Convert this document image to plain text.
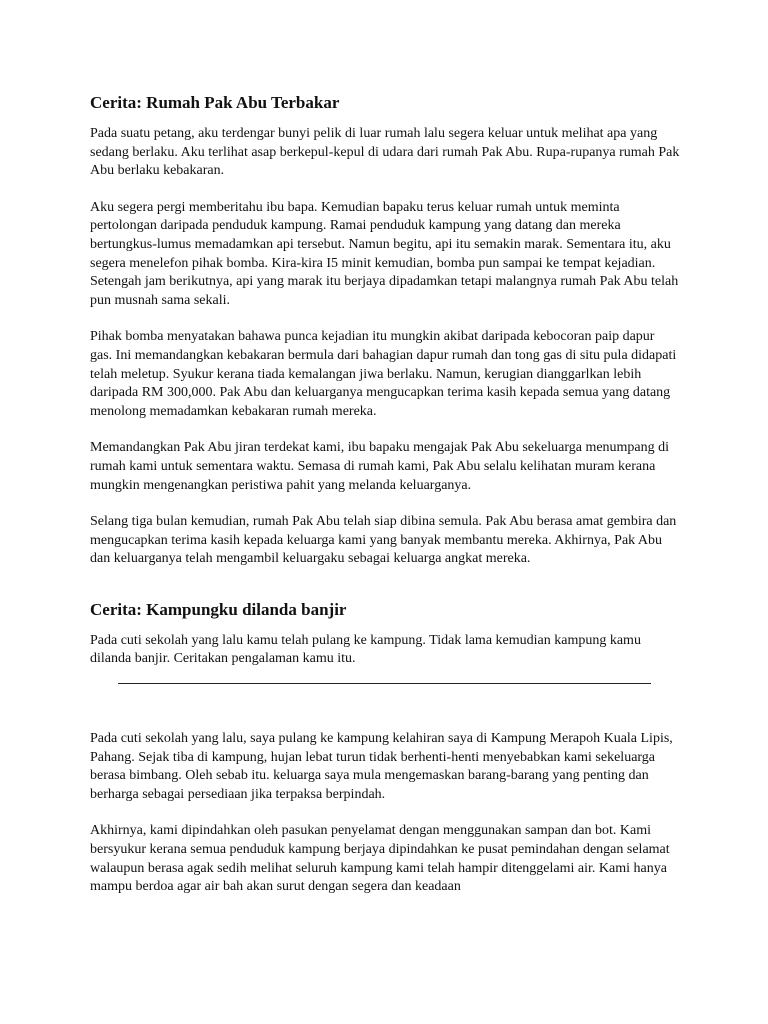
Cerita: Rumah Pak Abu Terbakar

Pada suatu petang, aku terdengar bunyi pelik di luar rumah lalu segera keluar untuk melihat apa yang sedang berlaku. Aku terlihat asap berkepul-kepul di udara dari rumah Pak Abu. Rupa-rupanya rumah Pak Abu berlaku kebakaran.

Aku segera pergi memberitahu ibu bapa. Kemudian bapaku terus keluar rumah untuk meminta pertolongan daripada penduduk kampung. Ramai penduduk kampung yang datang dan mereka bertungkus-lumus memadamkan api tersebut. Namun begitu, api itu semakin marak. Sementara itu, aku segera menelefon pihak bomba. Kira-kira I5 minit kemudian, bomba pun sampai ke tempat kejadian. Setengah jam berikutnya, api yang marak itu berjaya dipadamkan tetapi malangnya rumah Pak Abu telah pun musnah sama sekali.

Pihak bomba menyatakan bahawa punca kejadian itu mungkin akibat daripada kebocoran paip dapur gas. Ini memandangkan kebakaran bermula dari bahagian dapur rumah dan tong gas di situ pula didapati telah meletup. Syukur kerana tiada kemalangan jiwa berlaku. Namun, kerugian dianggarlkan lebih daripada RM 300,000. Pak Abu dan keluarganya mengucapkan terima kasih kepada semua yang datang menolong memadamkan kebakaran rumah mereka.

Memandangkan Pak Abu jiran terdekat kami, ibu bapaku mengajak Pak Abu sekeluarga menumpang di rumah kami untuk sementara waktu. Semasa di rumah kami, Pak Abu selalu kelihatan muram kerana mungkin mengenangkan peristiwa pahit yang melanda keluarganya.

Selang tiga bulan kemudian, rumah Pak Abu telah siap dibina semula. Pak Abu berasa amat gembira dan mengucapkan terima kasih kepada keluarga kami yang banyak membantu mereka. Akhirnya, Pak Abu dan keluarganya telah mengambil keluargaku sebagai keluarga angkat mereka.

Cerita: Kampungku dilanda banjir

Pada cuti sekolah yang lalu kamu telah pulang ke kampung. Tidak lama kemudian kampung kamu dilanda banjir. Ceritakan pengalaman kamu itu.

Pada cuti sekolah yang lalu, saya pulang ke kampung kelahiran saya di Kampung Merapoh Kuala Lipis, Pahang. Sejak tiba di kampung, hujan lebat turun tidak berhenti-henti menyebabkan kami sekeluarga berasa bimbang. Oleh sebab itu. keluarga saya mula mengemaskan barang-barang yang penting dan berharga sebagai persediaan jika terpaksa berpindah.

Akhirnya, kami dipindahkan oleh pasukan penyelamat dengan menggunakan sampan dan bot. Kami bersyukur kerana semua penduduk kampung berjaya dipindahkan ke pusat pemindahan dengan selamat walaupun berasa agak sedih melihat seluruh kampung kami telah hampir ditenggelami air. Kami hanya mampu berdoa agar air bah akan surut dengan segera dan keadaan
